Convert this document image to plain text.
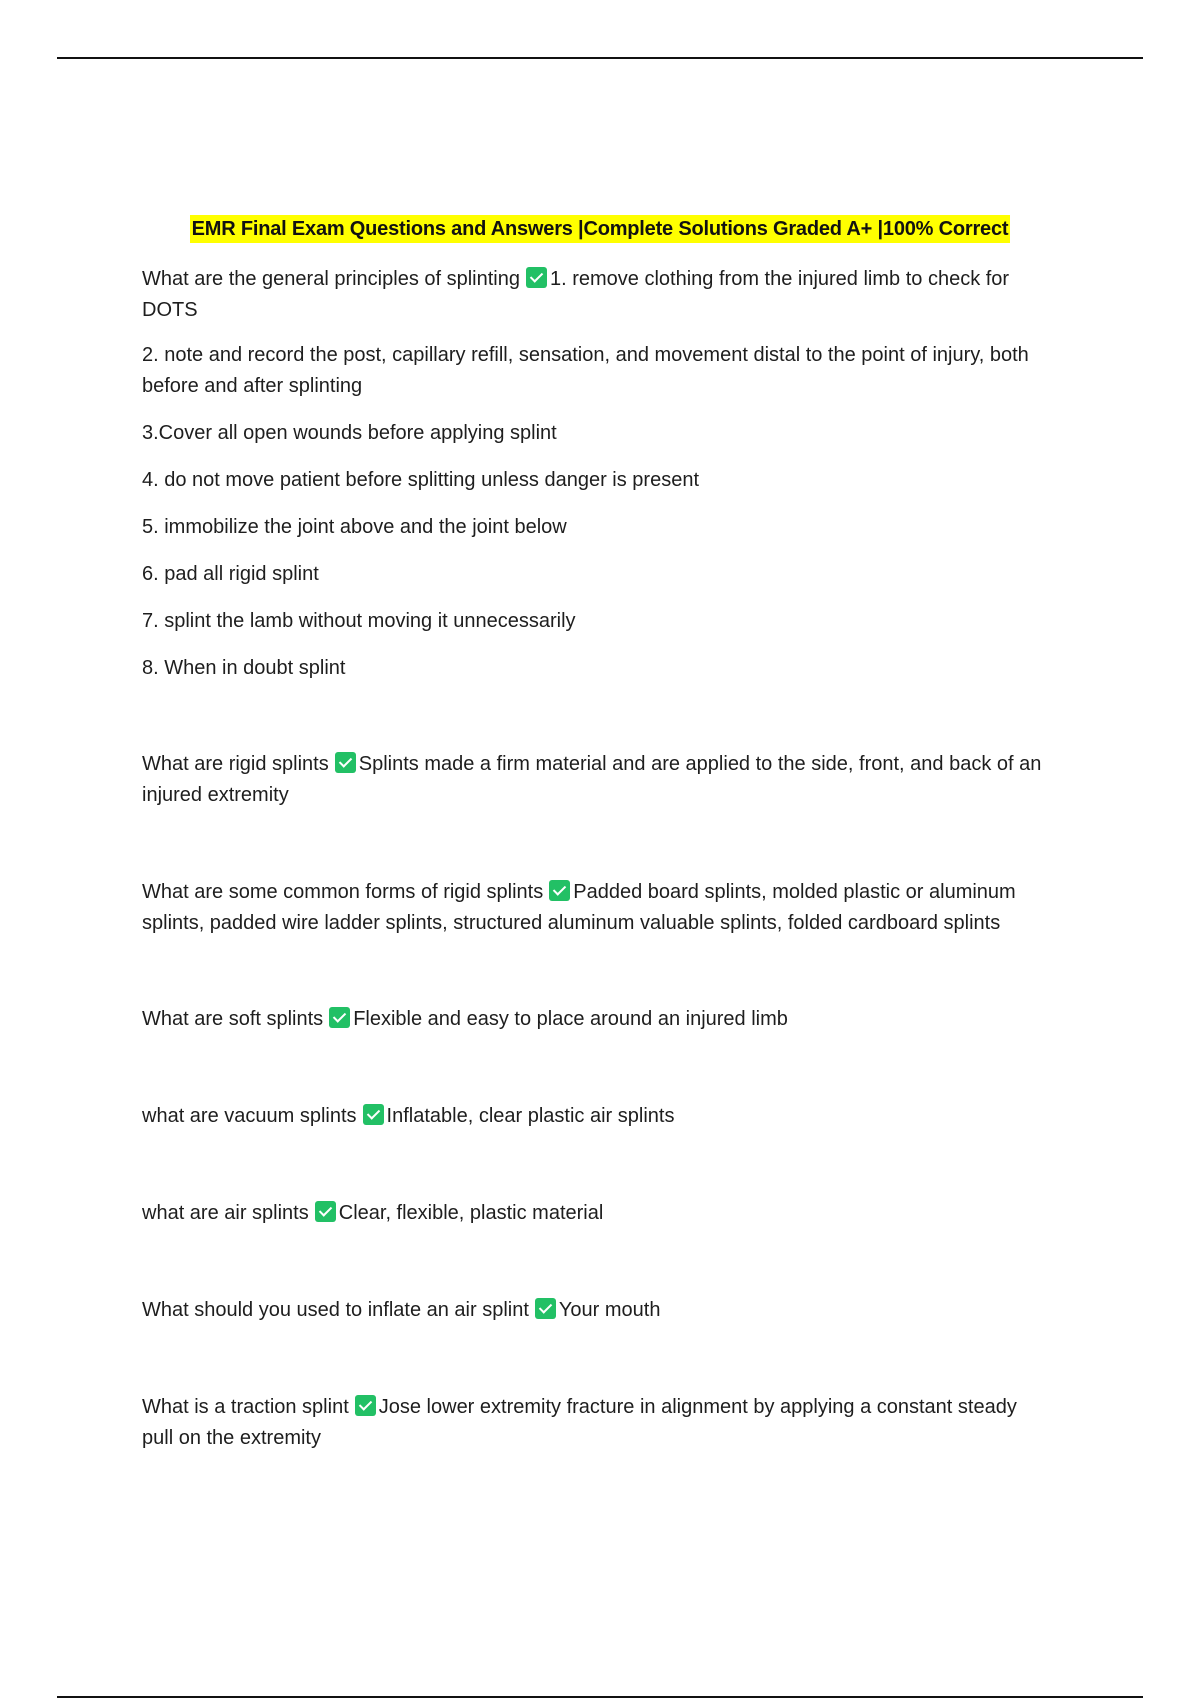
EMR Final Exam Questions and Answers |Complete Solutions Graded A+ |100% Correct

What are the general principles of splinting 1. remove clothing from the injured limb to check for DOTS

2. note and record the post, capillary refill, sensation, and movement distal to the point of injury, both before and after splinting

3.Cover all open wounds before applying splint

4. do not move patient before splitting unless danger is present

5. immobilize the joint above and the joint below

6. pad all rigid splint

7. splint the lamb without moving it unnecessarily

8. When in doubt splint

What are rigid splints Splints made a firm material and are applied to the side, front, and back of an injured extremity

What are some common forms of rigid splints Padded board splints, molded plastic or aluminum splints, padded wire ladder splints, structured aluminum valuable splints, folded cardboard splints

What are soft splints Flexible and easy to place around an injured limb

what are vacuum splints Inflatable, clear plastic air splints

what are air splints Clear, flexible, plastic material

What should you used to inflate an air splint Your mouth

What is a traction splint Jose lower extremity fracture in alignment by applying a constant steady pull on the extremity
